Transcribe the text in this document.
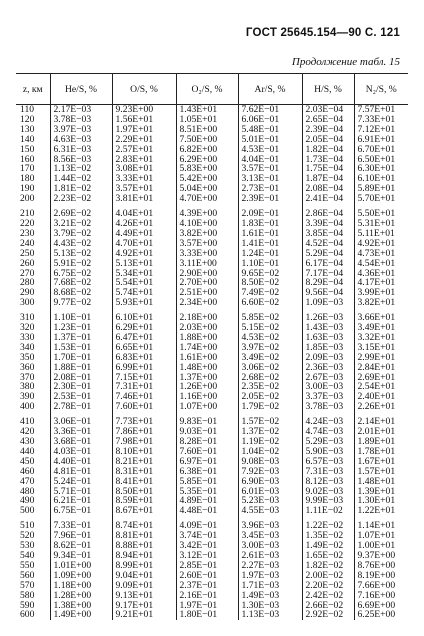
ГОСТ 25645.154—90 С. 121
Продолжение табл. 15
z, км	He/S, %	O/S, %	O₂/S, %	Ar/S, %	H/S, %	N₂/S, %
110	2.17E−03	9.23E+00	1.43E+01	7.62E−01	2.03E−04	7.57E+01
120	3.78E−03	1.56E+01	1.05E+01	6.06E−01	2.65E−04	7.33E+01
130	3.97E−03	1.97E+01	8.51E+00	5.48E−01	2.39E−04	7.12E+01
140	4.63E−03	2.29E+01	7.50E+00	5.01E−01	2.05E−04	6.91E+01
150	6.31E−03	2.57E+01	6.82E+00	4.53E−01	1.82E−04	6.70E+01
160	8.56E−03	2.83E+01	6.29E+00	4.04E−01	1.73E−04	6.50E+01
170	1.13E−02	3.08E+01	5.83E+00	3.57E−01	1.75E−04	6.30E+01
180	1.44E−02	3.33E+01	5.42E+00	3.13E−01	1.87E−04	6.10E+01
190	1.81E−02	3.57E+01	5.04E+00	2.73E−01	2.08E−04	5.89E+01
200	2.23E−02	3.81E+01	4.70E+00	2.39E−01	2.41E−04	5.70E+01

210	2.69E−02	4.04E+01	4.39E+00	2.09E−01	2.86E−04	5.50E+01
220	3.21E−02	4.26E+01	4.10E+00	1.83E−01	3.39E−04	5.31E+01
230	3.79E−02	4.49E+01	3.82E+00	1.61E−01	3.85E−04	5.11E+01
240	4.43E−02	4.70E+01	3.57E+00	1.41E−01	4.52E−04	4.92E+01
250	5.13E−02	4.92E+01	3.33E+00	1.24E−01	5.29E−04	4.73E+01
260	5.91E−02	5.13E+01	3.11E+00	1.10E−01	6.17E−04	4.54E+01
270	6.75E−02	5.34E+01	2.90E+00	9.65E−02	7.17E−04	4.36E+01
280	7.68E−02	5.54E+01	2.70E+00	8.50E−02	8.29E−04	4.17E+01
290	8.68E−02	5.74E+01	2.51E+00	7.49E−02	9.56E−04	3.99E+01
300	9.77E−02	5.93E+01	2.34E+00	6.60E−02	1.09E−03	3.82E+01

310	1.10E−01	6.10E+01	2.18E+00	5.85E−02	1.26E−03	3.66E+01
320	1.23E−01	6.29E+01	2.03E+00	5.15E−02	1.43E−03	3.49E+01
330	1.37E−01	6.47E+01	1.88E+00	4.53E−02	1.63E−03	3.32E+01
340	1.53E−01	6.65E+01	1.74E+00	3.97E−02	1.85E−03	3.15E+01
350	1.70E−01	6.83E+01	1.61E+00	3.49E−02	2.09E−03	2.99E+01
360	1.88E−01	6.99E+01	1.48E+00	3.06E−02	2.36E−03	2.84E+01
370	2.08E−01	7.15E+01	1.37E+00	2.68E−02	2.67E−03	2.69E+01
380	2.30E−01	7.31E+01	1.26E+00	2.35E−02	3.00E−03	2.54E+01
390	2.53E−01	7.46E+01	1.16E+00	2.05E−02	3.37E−03	2.40E+01
400	2.78E−01	7.60E+01	1.07E+00	1.79E−02	3.78E−03	2.26E+01

410	3.06E−01	7.73E+01	9.83E−01	1.57E−02	4.24E−03	2.14E+01
420	3.36E−01	7.86E+01	9.03E−01	1.37E−02	4.74E−03	2.01E+01
430	3.68E−01	7.98E+01	8.28E−01	1.19E−02	5.29E−03	1.89E+01
440	4.03E−01	8.10E+01	7.60E−01	1.04E−02	5.90E−03	1.78E+01
450	4.40E−01	8.21E+01	6.97E−01	9.08E−03	6.57E−03	1.67E+01
460	4.81E−01	8.31E+01	6.38E−01	7.92E−03	7.31E−03	1.57E+01
470	5.24E−01	8.41E+01	5.85E−01	6.90E−03	8.12E−03	1.48E+01
480	5.71E−01	8.50E+01	5.35E−01	6.01E−03	9.02E−03	1.39E+01
490	6.21E−01	8.59E+01	4.89E−01	5.23E−03	9.99E−03	1.30E+01
500	6.75E−01	8.67E+01	4.48E−01	4.55E−03	1.11E−02	1.22E+01

510	7.33E−01	8.74E+01	4.09E−01	3.96E−03	1.22E−02	1.14E+01
520	7.96E−01	8.81E+01	3.74E−01	3.45E−03	1.35E−02	1.07E+01
530	8.62E−01	8.88E+01	3.42E−01	3.00E−03	1.49E−02	1.00E+01
540	9.34E−01	8.94E+01	3.12E−01	2.61E−03	1.65E−02	9.37E+00
550	1.01E+00	8.99E+01	2.85E−01	2.27E−03	1.82E−02	8.76E+00
560	1.09E+00	9.04E+01	2.60E−01	1.97E−03	2.00E−02	8.19E+00
570	1.18E+00	9.09E+01	2.37E−01	1.71E−03	2.20E−02	7.66E+00
580	1.28E+00	9.13E+01	2.16E−01	1.49E−03	2.42E−02	7.16E+00
590	1.38E+00	9.17E+01	1.97E−01	1.30E−03	2.66E−02	6.69E+00
600	1.49E+00	9.21E+01	1.80E−01	1.13E−03	2.92E−02	6.25E+00
